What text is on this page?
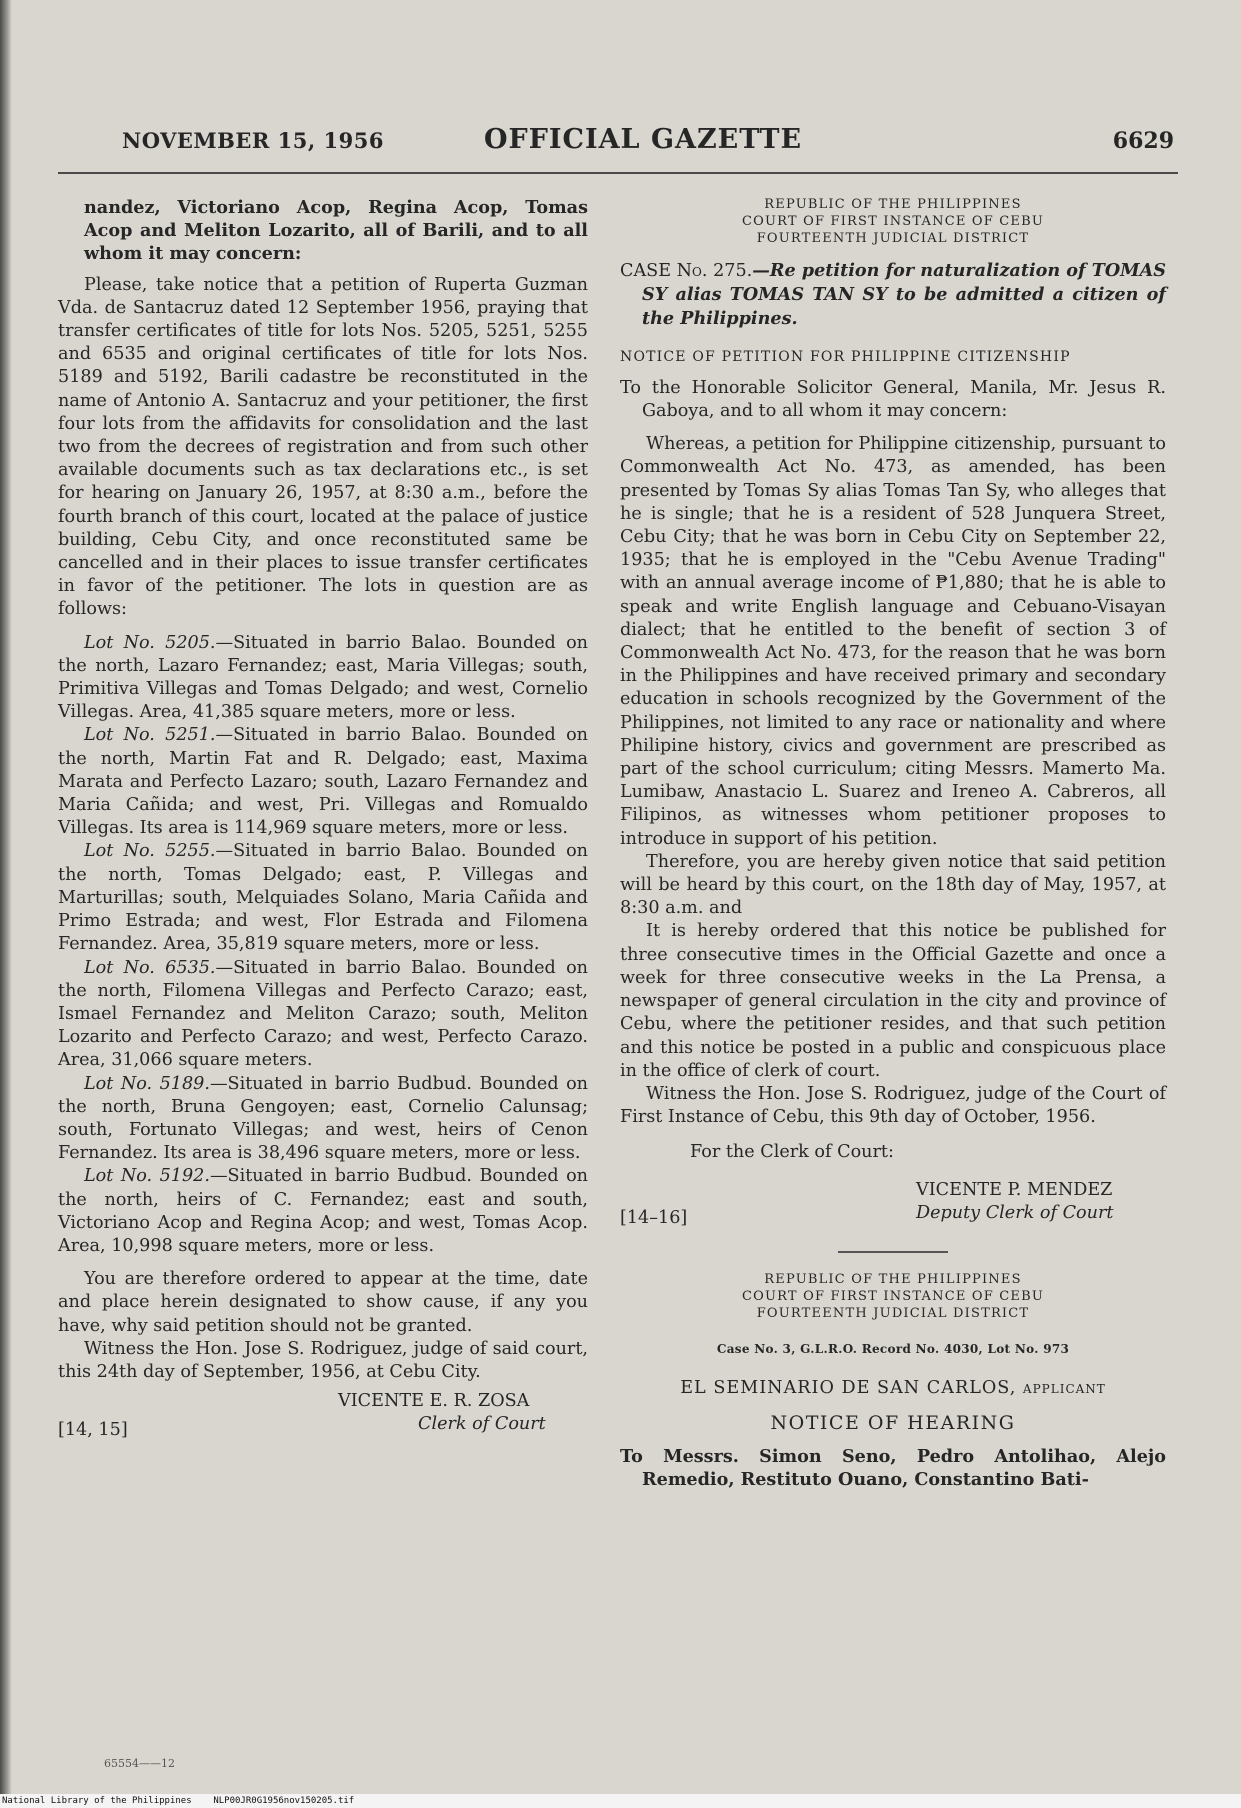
NOVEMBER 15, 1956	OFFICIAL GAZETTE	6629

nandez, Victoriano Acop, Regina Acop, Tomas Acop and Meliton Lozarito, all of Barili, and to all whom it may concern:

Please, take notice that a petition of Ruperta Guzman Vda. de Santacruz dated 12 September 1956, praying that transfer certificates of title for lots Nos. 5205, 5251, 5255 and 6535 and original certificates of title for lots Nos. 5189 and 5192, Barili cadastre be reconstituted in the name of Antonio A. Santacruz and your petitioner, the first four lots from the affidavits for consolidation and the last two from the decrees of registration and from such other available documents such as tax declarations etc., is set for hearing on January 26, 1957, at 8:30 a.m., before the fourth branch of this court, located at the palace of justice building, Cebu City, and once reconstituted same be cancelled and in their places to issue transfer certificates in favor of the petitioner. The lots in question are as follows:

Lot No. 5205.—Situated in barrio Balao. Bounded on the north, Lazaro Fernandez; east, Maria Villegas; south, Primitiva Villegas and Tomas Delgado; and west, Cornelio Villegas. Area, 41,385 square meters, more or less.

Lot No. 5251.—Situated in barrio Balao. Bounded on the north, Martin Fat and R. Delgado; east, Maxima Marata and Perfecto Lazaro; south, Lazaro Fernandez and Maria Cañida; and west, Pri. Villegas and Romualdo Villegas. Its area is 114,969 square meters, more or less.

Lot No. 5255.—Situated in barrio Balao. Bounded on the north, Tomas Delgado; east, P. Villegas and Marturillas; south, Melquiades Solano, Maria Cañida and Primo Estrada; and west, Flor Estrada and Filomena Fernandez. Area, 35,819 square meters, more or less.

Lot No. 6535.—Situated in barrio Balao. Bounded on the north, Filomena Villegas and Perfecto Carazo; east, Ismael Fernandez and Meliton Carazo; south, Meliton Lozarito and Perfecto Carazo; and west, Perfecto Carazo. Area, 31,066 square meters.

Lot No. 5189.—Situated in barrio Budbud. Bounded on the north, Bruna Gengoyen; east, Cornelio Calunsag; south, Fortunato Villegas; and west, heirs of Cenon Fernandez. Its area is 38,496 square meters, more or less.

Lot No. 5192.—Situated in barrio Budbud. Bounded on the north, heirs of C. Fernandez; east and south, Victoriano Acop and Regina Acop; and west, Tomas Acop. Area, 10,998 square meters, more or less.

You are therefore ordered to appear at the time, date and place herein designated to show cause, if any you have, why said petition should not be granted.

Witness the Hon. Jose S. Rodriguez, judge of said court, this 24th day of September, 1956, at Cebu City.

[14, 15]
VICENTE E. R. ZOSA
Clerk of Court
REPUBLIC OF THE PHILIPPINES
COURT OF FIRST INSTANCE OF CEBU
FOURTEENTH JUDICIAL DISTRICT

CASE No. 275.—Re petition for naturalization of TOMAS SY alias TOMAS TAN SY to be admitted a citizen of the Philippines.

NOTICE OF PETITION FOR PHILIPPINE CITIZENSHIP

To the Honorable Solicitor General, Manila, Mr. Jesus R. Gaboya, and to all whom it may concern:

Whereas, a petition for Philippine citizenship, pursuant to Commonwealth Act No. 473, as amended, has been presented by Tomas Sy alias Tomas Tan Sy, who alleges that he is single; that he is a resident of 528 Junquera Street, Cebu City; that he was born in Cebu City on September 22, 1935; that he is employed in the "Cebu Avenue Trading" with an annual average income of ₱1,880; that he is able to speak and write English language and Cebuano-Visayan dialect; that he entitled to the benefit of section 3 of Commonwealth Act No. 473, for the reason that he was born in the Philippines and have received primary and secondary education in schools recognized by the Government of the Philippines, not limited to any race or nationality and where Philipine history, civics and government are prescribed as part of the school curriculum; citing Messrs. Mamerto Ma. Lumibaw, Anastacio L. Suarez and Ireneo A. Cabreros, all Filipinos, as witnesses whom petitioner proposes to introduce in support of his petition.

Therefore, you are hereby given notice that said petition will be heard by this court, on the 18th day of May, 1957, at 8:30 a.m. and

It is hereby ordered that this notice be published for three consecutive times in the Official Gazette and once a week for three consecutive weeks in the La Prensa, a newspaper of general circulation in the city and province of Cebu, where the petitioner resides, and that such petition and this notice be posted in a public and conspicuous place in the office of clerk of court.

Witness the Hon. Jose S. Rodriguez, judge of the Court of First Instance of Cebu, this 9th day of October, 1956.

For the Clerk of Court:

[14–16]
VICENTE P. MENDEZ
Deputy Clerk of Court
REPUBLIC OF THE PHILIPPINES
COURT OF FIRST INSTANCE OF CEBU
FOURTEENTH JUDICIAL DISTRICT

Case No. 3, G.L.R.O. Record No. 4030, Lot No. 973

EL SEMINARIO DE SAN CARLOS, applicant

NOTICE OF HEARING

To Messrs. Simon Seno, Pedro Antolihao, Alejo Remedio, Restituto Ouano, Constantino Bati-

65554——12
National Library of the Philippines NLP00JR0G1956nov150205.tif
